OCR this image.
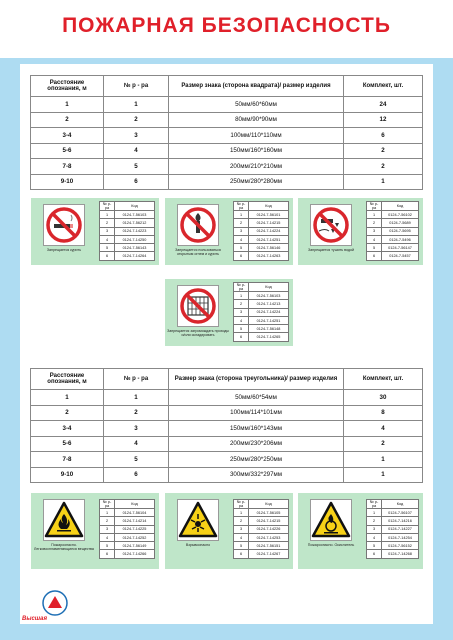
ПОЖАРНАЯ БЕЗОПАСНОСТЬ
Расстояние опознания, м	№ р - ра	Размер знака (сторона квадрата)/ размер изделия	Комплект, шт.
1	1	50мм/60*60мм	24
2	2	80мм/90*90мм	12
3-4	3	100мм/110*110мм	6
5-6	4	150мм/160*160мм	2
7-8	5	200мм/210*210мм	2
9-10	6	250мм/280*280мм	1
Расстояние опознания, м	№ р - ра	Размер знака (сторона треугольника)/ размер изделия	Комплект, шт.
1	1	50мм/60*54мм	30
2	2	100мм/114*101мм	8
3-4	3	150мм/160*143мм	4
5-6	4	200мм/230*206мм	2
7-8	5	250мм/280*250мм	1
9-10	6	300мм/332*297мм	1
Запрещается курить
№ р-ра	Код
1	0124-7-56103
2	0124-7-56212
3	0124-7-14223
4	0124-7-14250
5	0124-7-56143
6	0124-7-14264
Запрещается пользоваться открытым огнем и курить
№ р-ра	Код
1	0124-7-56101
2	0124-7-14215
3	0124-7-14224
4	0124-7-14251
5	0124-7-56146
6	0124-7-14263
Запрещается тушить водой
№ р-ра	Код
1	0124-7-56102
2	0124-7-5689
3	0124-7-5695
4	0124-7-5496
5	0124-7-56147
6	0124-7-5457
Запрещается загромождать проходы и/или складировать
№ р-ра	Код
1	0124-7-56103
2	0124-7-14213
3	0124-7-14224
4	0124-7-14251
5	0124-7-56148
6	0124-7-14265
Пожароопасно. Легковоспламеняющиеся вещества
№ р-ра	Код
1	0124-7-56104
2	0124-7-14214
3	0124-7-14225
4	0124-7-14252
5	0124-7-56149
6	0124-7-14266
Взрывоопасно
№ р-ра	Код
1	0124-7-56105
2	0124-7-14215
3	0124-7-14226
4	0124-7-14253
5	0124-7-56151
6	0124-7-14267
Пожароопасно. Окислитель
№ р-ра	Код
1	0124-7-56107
2	0124-7-14216
3	0124-7-14227
4	0124-7-14254
5	0124-7-56152
6	0124-7-14268
Высшая
